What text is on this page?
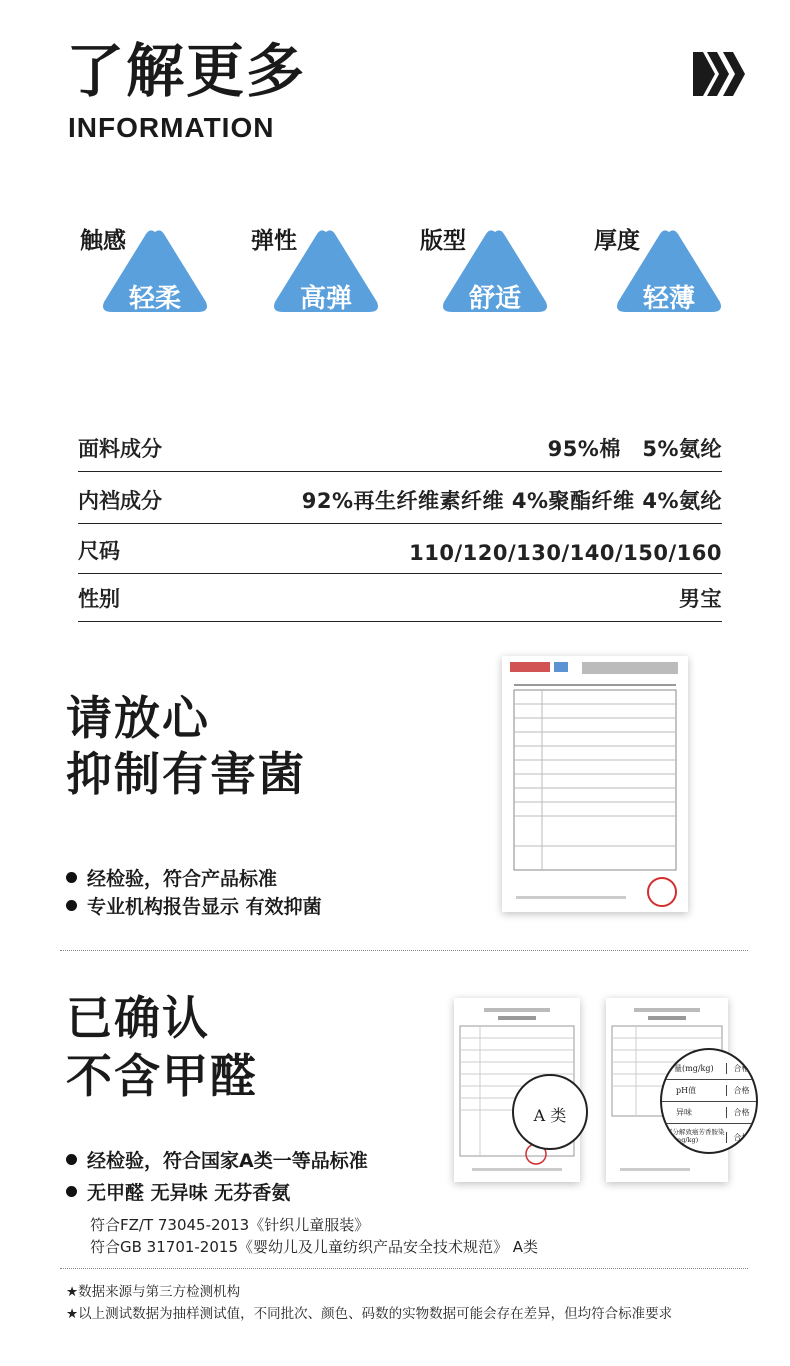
了解更多
INFORMATION
触感
轻柔
弹性
高弹
版型
舒适
厚度
轻薄
面料成分	95%棉　5%氨纶
内裆成分	92%再生纤维素纤维 4%聚酯纤维 4%氨纶
尺码	110/120/130/140/150/160
性别	男宝
请放心
抑制有害菌
经检验，符合产品标准
专业机构报告显示 有效抑菌
已确认
不含甲醛
经检验，符合国家A类一等品标准
无甲醛 无异味 无芬香氨
符合FZ/T 73045-2013《针织儿童服装》
符合GB 31701-2015《婴幼儿及儿童纺织产品安全技术规范》 A类
A 类
量(mg/kg)	合格
pH值	合格
异味	合格
可分解致癌芳香胺染料(mg/kg)	合格
★数据来源与第三方检测机构
★以上测试数据为抽样测试值，不同批次、颜色、码数的实物数据可能会存在差异，但均符合标准要求
